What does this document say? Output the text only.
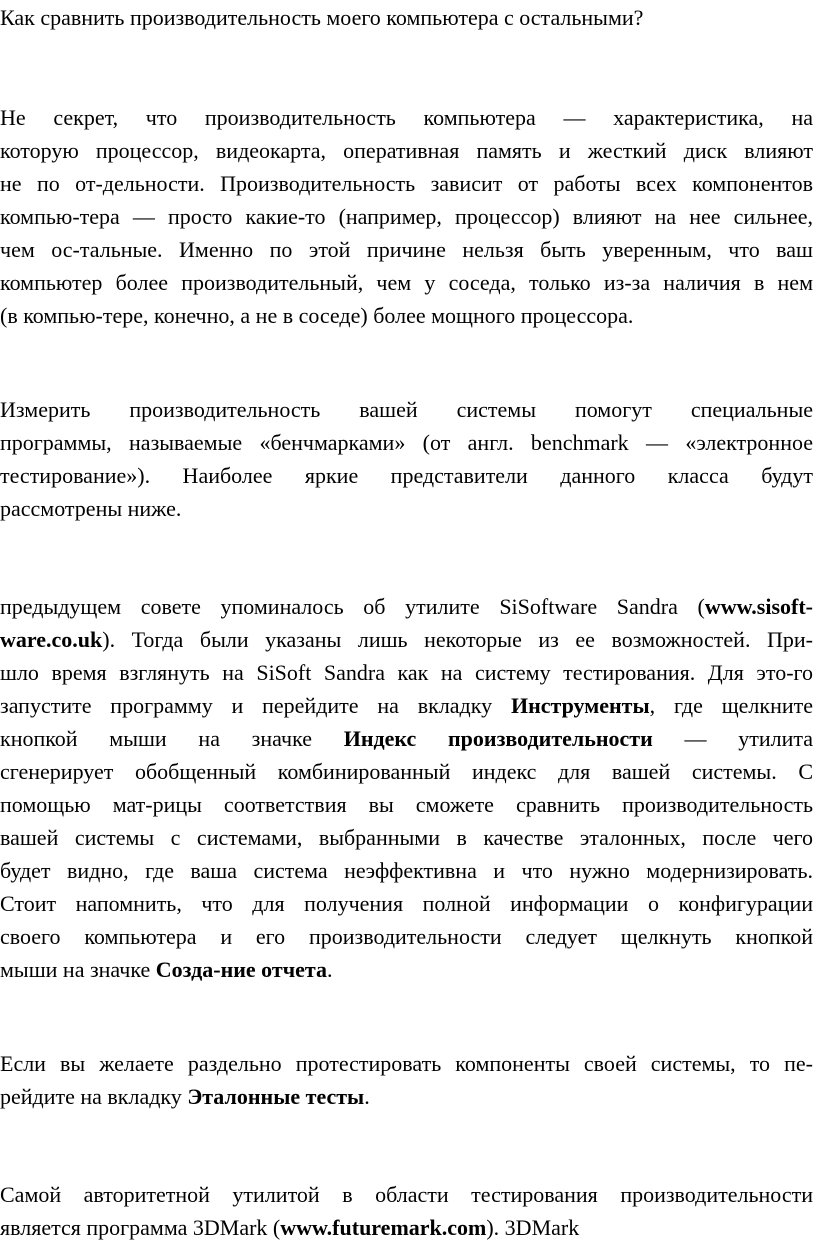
Как сравнить производительность моего компьютера с остальными?
Не секрет, что производительность компьютера — характеристика, на
которую процессор, видеокарта, оперативная память и жесткий диск влияют
не по от-дельности. Производительность зависит от работы всех компонентов
компью-тера — просто какие-то (например, процессор) влияют на нее сильнее,
чем ос-тальные. Именно по этой причине нельзя быть уверенным, что ваш
компьютер более производительный, чем у соседа, только из-за наличия в нем
(в компью-тере, конечно, а не в соседе) более мощного процессора.
Измерить производительность вашей системы помогут специальные
программы, называемые «бенчмарками» (от англ. benchmark — «электронное
тестирование»). Наиболее яркие представители данного класса будут
рассмотрены ниже.
предыдущем совете упоминалось об утилите SiSoftware Sandra (www.sisoft-
ware.co.uk). Тогда были указаны лишь некоторые из ее возможностей. При-
шло время взглянуть на SiSoft Sandra как на систему тестирования. Для это-го
запустите программу и перейдите на вкладку Инструменты, где щелкните
кнопкой мыши на значке Индекс производительности — утилита
сгенерирует обобщенный комбинированный индекс для вашей системы. С
помощью мат-рицы соответствия вы сможете сравнить производительность
вашей системы с системами, выбранными в качестве эталонных, после чего
будет видно, где ваша система неэффективна и что нужно модернизировать.
Стоит напомнить, что для получения полной информации о конфигурации
своего компьютера и его производительности следует щелкнуть кнопкой
мыши на значке Созда-ние отчета.
Если вы желаете раздельно протестировать компоненты своей системы, то пе-
рейдите на вкладку Эталонные тесты.
Самой авторитетной утилитой в области тестирования производительности
является программа 3DMark (www.futuremark.com). 3DMark
